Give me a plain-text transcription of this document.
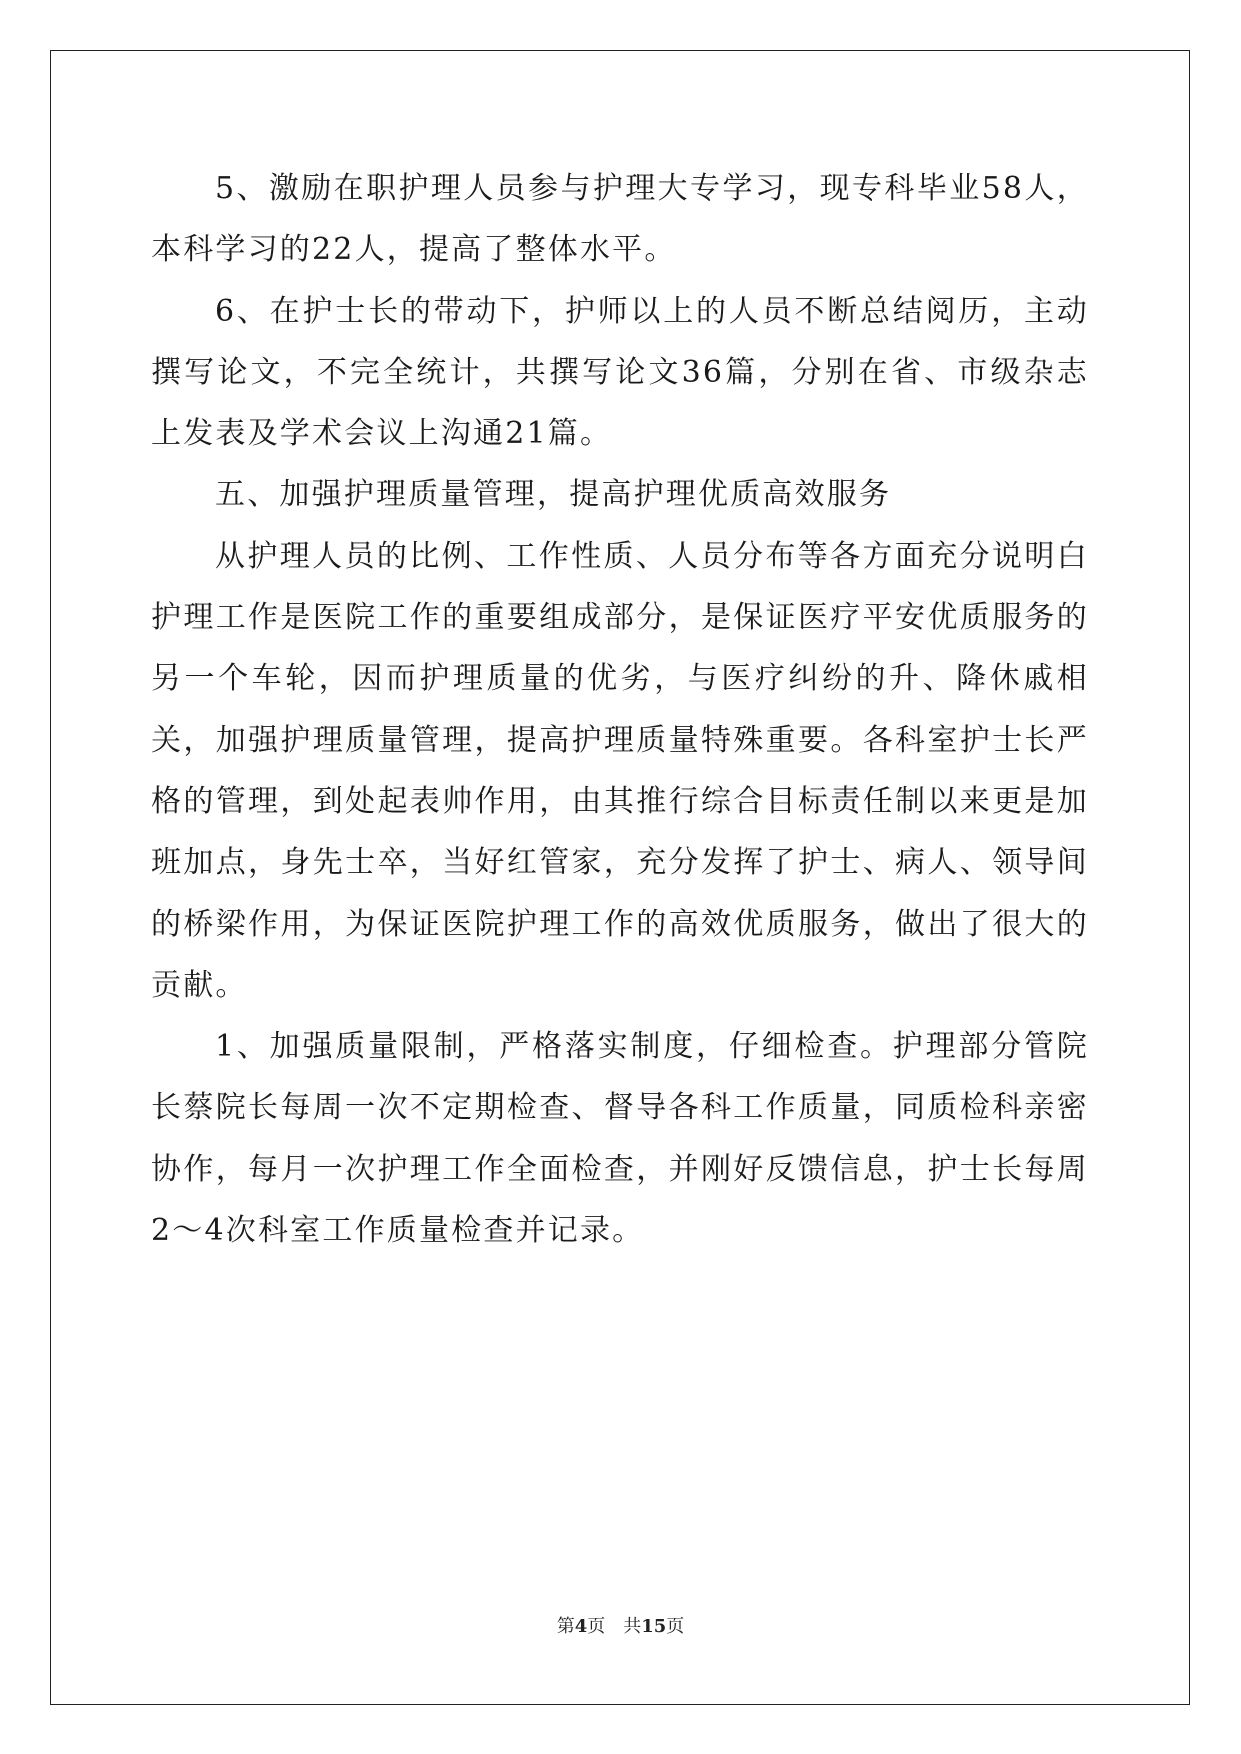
5、激励在职护理人员参与护理大专学习，现专科毕业58人，本科学习的22人，提高了整体水平。

6、在护士长的带动下，护师以上的人员不断总结阅历，主动撰写论文，不完全统计，共撰写论文36篇，分别在省、市级杂志上发表及学术会议上沟通21篇。

五、加强护理质量管理，提高护理优质高效服务

从护理人员的比例、工作性质、人员分布等各方面充分说明白护理工作是医院工作的重要组成部分，是保证医疗平安优质服务的另一个车轮，因而护理质量的优劣，与医疗纠纷的升、降休戚相关，加强护理质量管理，提高护理质量特殊重要。各科室护士长严格的管理，到处起表帅作用，由其推行综合目标责任制以来更是加班加点，身先士卒，当好红管家，充分发挥了护士、病人、领导间的桥梁作用，为保证医院护理工作的高效优质服务，做出了很大的贡献。

1、加强质量限制，严格落实制度，仔细检查。护理部分管院长蔡院长每周一次不定期检查、督导各科工作质量，同质检科亲密协作，每月一次护理工作全面检查，并刚好反馈信息，护士长每周2～4次科室工作质量检查并记录。

第4页 共15页
